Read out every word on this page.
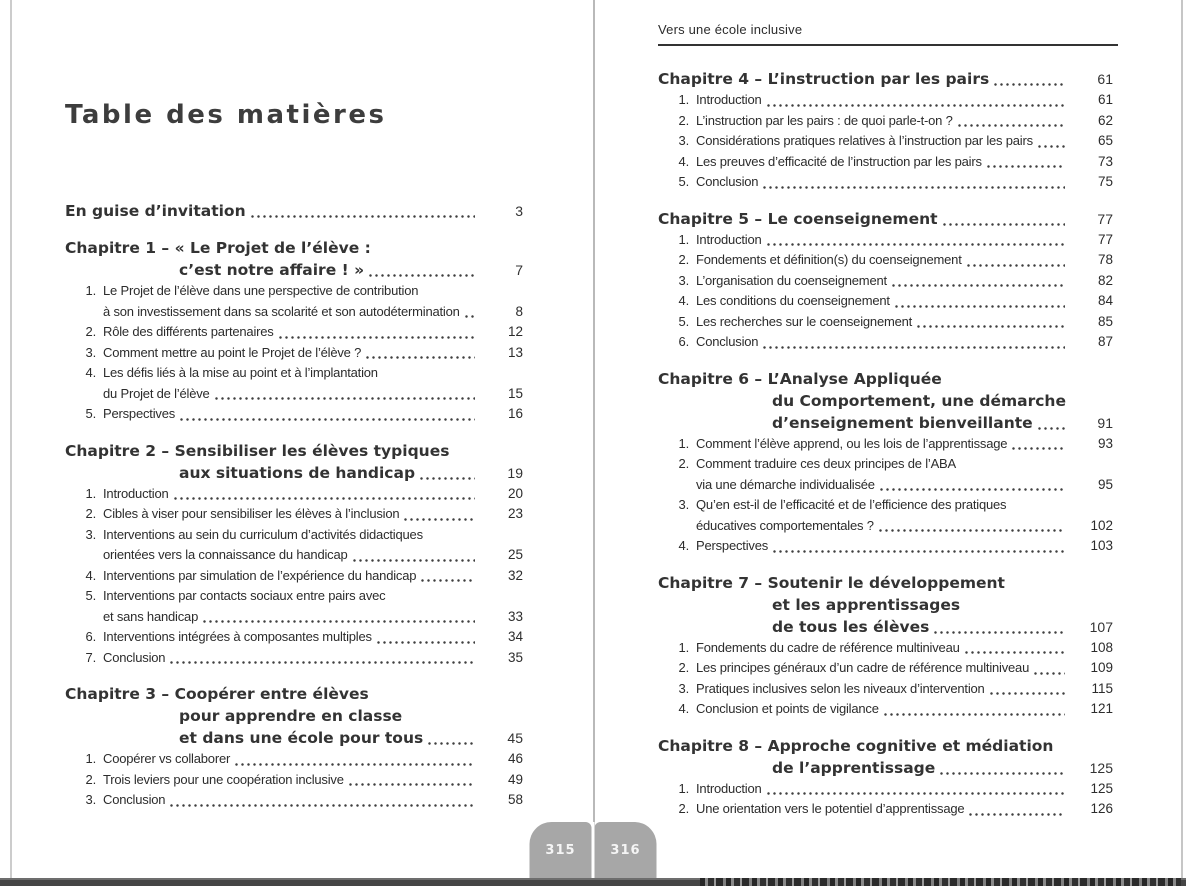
Table des matières
En guise d’invitation	3
Chapitre 1 – « Le Projet de l’élève :
c’est notre affaire ! »	7
1. Le Projet de l’élève dans une perspective de contribution
à son investissement dans sa scolarité et son autodétermination	8
2. Rôle des différents partenaires	12
3. Comment mettre au point le Projet de l’élève ?	13
4. Les défis liés à la mise au point et à l’implantation
du Projet de l’élève	15
5. Perspectives	16
Chapitre 2 – Sensibiliser les élèves typiques
aux situations de handicap	19
1. Introduction	20
2. Cibles à viser pour sensibiliser les élèves à l’inclusion	23
3. Interventions au sein du curriculum d’activités didactiques
orientées vers la connaissance du handicap	25
4. Interventions par simulation de l’expérience du handicap	32
5. Interventions par contacts sociaux entre pairs avec
et sans handicap	33
6. Interventions intégrées à composantes multiples	34
7. Conclusion	35
Chapitre 3 – Coopérer entre élèves
pour apprendre en classe
et dans une école pour tous	45
1. Coopérer vs collaborer	46
2. Trois leviers pour une coopération inclusive	49
3. Conclusion	58
Vers une école inclusive
Chapitre 4 – L’instruction par les pairs	61
1. Introduction	61
2. L’instruction par les pairs : de quoi parle-t-on ?	62
3. Considérations pratiques relatives à l’instruction par les pairs	65
4. Les preuves d’efficacité de l’instruction par les pairs	73
5. Conclusion	75
Chapitre 5 – Le coenseignement	77
1. Introduction	77
2. Fondements et définition(s) du coenseignement	78
3. L’organisation du coenseignement	82
4. Les conditions du coenseignement	84
5. Les recherches sur le coenseignement	85
6. Conclusion	87
Chapitre 6 – L’Analyse Appliquée
du Comportement, une démarche
d’enseignement bienveillante	91
1. Comment l’élève apprend, ou les lois de l’apprentissage	93
2. Comment traduire ces deux principes de l’ABA
via une démarche individualisée	95
3. Qu’en est-il de l’efficacité et de l’efficience des pratiques
éducatives comportementales ?	102
4. Perspectives	103
Chapitre 7 – Soutenir le développement
et les apprentissages
de tous les élèves	107
1. Fondements du cadre de référence multiniveau	108
2. Les principes généraux d’un cadre de référence multiniveau	109
3. Pratiques inclusives selon les niveaux d’intervention	115
4. Conclusion et points de vigilance	121
Chapitre 8 – Approche cognitive et médiation
de l’apprentissage	125
1. Introduction	125
2. Une orientation vers le potentiel d’apprentissage	126
315	316
